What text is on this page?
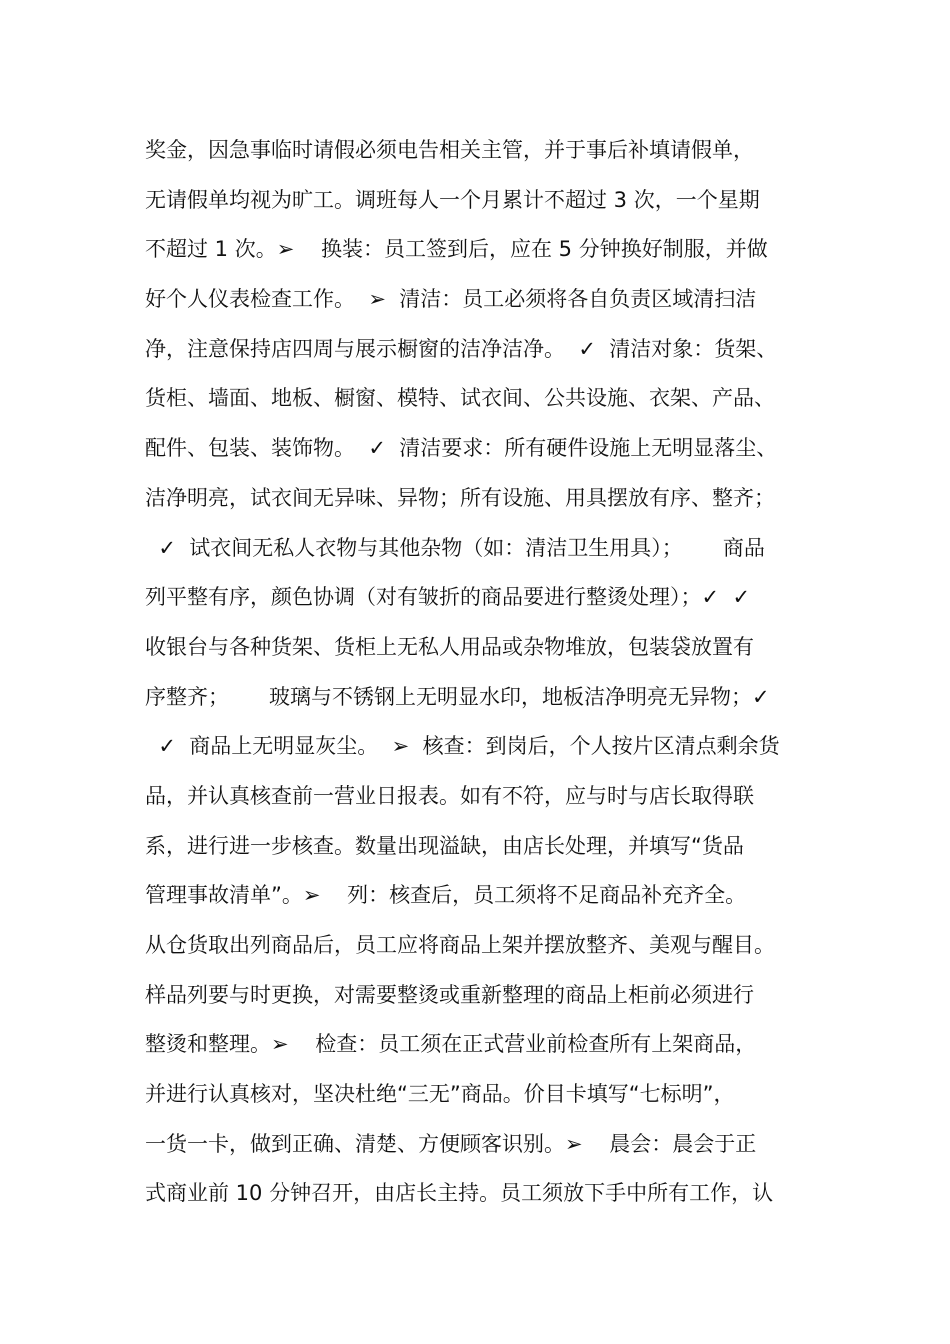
奖金，因急事临时请假必须电告相关主管，并于事后补填请假单，
无请假单均视为旷工。调班每人一个月累计不超过 3 次，一个星期
不超过 1 次。➢    换装：员工签到后，应在 5 分钟换好制服，并做
好个人仪表检查工作。  ➢  清洁：员工必须将各自负责区域清扫洁
净，注意保持店四周与展示橱窗的洁净洁净。  ✓  清洁对象：货架、
货柜、墙面、地板、橱窗、模特、试衣间、公共设施、衣架、产品、
配件、包装、装饰物。  ✓  清洁要求：所有硬件设施上无明显落尘、
洁净明亮，试衣间无异味、异物；所有设施、用具摆放有序、整齐；
✓  试衣间无私人衣物与其他杂物（如：清洁卫生用具）；      商品
列平整有序，颜色协调（对有皱折的商品要进行整烫处理）；✓  ✓
收银台与各种货架、货柜上无私人用品或杂物堆放，包装袋放置有
序整齐；      玻璃与不锈钢上无明显水印，地板洁净明亮无异物；✓
✓  商品上无明显灰尘。  ➢  核查：到岗后，个人按片区清点剩余货
品，并认真核查前一营业日报表。如有不符，应与时与店长取得联
系，进行进一步核查。数量出现溢缺，由店长处理，并填写“货品
管理事故清单”。➢    列：核查后，员工须将不足商品补充齐全。
从仓货取出列商品后，员工应将商品上架并摆放整齐、美观与醒目。
样品列要与时更换，对需要整烫或重新整理的商品上柜前必须进行
整烫和整理。➢    检查：员工须在正式营业前检查所有上架商品，
并进行认真核对，坚决杜绝“三无”商品。价目卡填写“七标明”，
一货一卡，做到正确、清楚、方便顾客识别。➢    晨会：晨会于正
式商业前 10 分钟召开，由店长主持。员工须放下手中所有工作，认
